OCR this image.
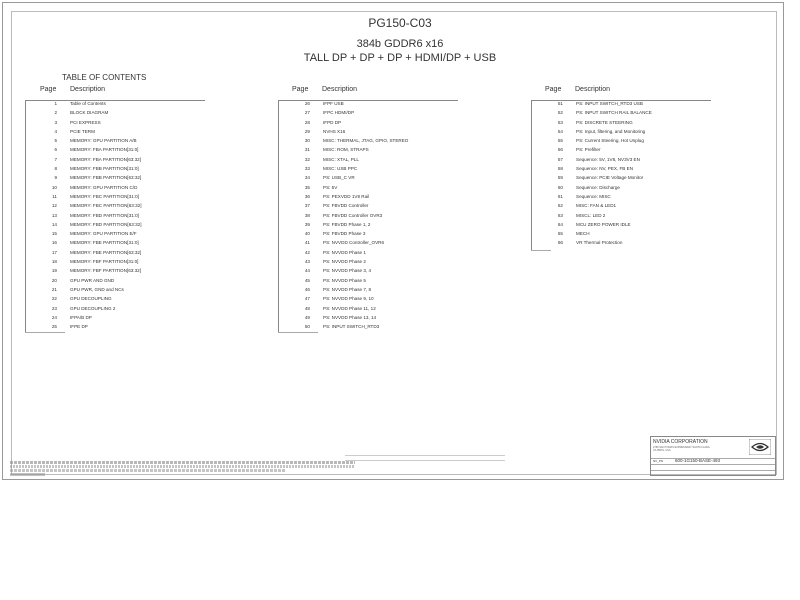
PG150-C03
384b GDDR6 x16
TALL DP + DP + DP + HDMI/DP + USB
TABLE OF CONTENTS
Page Description
1	Table of Contents
2	BLOCK DIAGRAM
3	PCI EXPRESS
4	PCIE TERM
5	MEMORY: GPU PARTITION A/B
6	MEMORY: FBA PARTITION[31:0]
7	MEMORY: FBA PARTITION[63:32]
8	MEMORY: FBB PARTITION[31:0]
9	MEMORY: FBB PARTITION[63:32]
10	MEMORY: GPU PARTITION C/D
11	MEMORY: FBC PARTITION[31:0]
12	MEMORY: FBC PARTITION[63:32]
13	MEMORY: FBD PARTITION[31:0]
14	MEMORY: FBD PARTITION[63:32]
15	MEMORY: GPU PARTITION E/F
16	MEMORY: FBE PARTITION[31:0]
17	MEMORY: FBE PARTITION[63:32]
18	MEMORY: FBF PARTITION[31:0]
19	MEMORY: FBF PARTITION[63:32]
20	GPU PWR AND GND
21	GPU PWR, GND and NCs
22	GPU DECOUPLING
23	GPU DECOUPLING 2
24	IFPA/B DP
25	IFPE DP
Page Description
26	IFPF USB
27	IFPC HDMI/DP
28	IFPD DP
29	NVHS X16
30	MISC: THERMAL, JTAG, GPIO, STEREO
31	MISC: ROM, STRAPS
32	MISC: XTAL, PLL
33	MISC: USB PPC
34	PS: USB_C VR
35	PS: 5V
36	PS: PEXVDD 1V8 Rail
37	PS: FBVDD Controller
38	PS: FBVDD Controller OVR3
39	PS: FBVDD Phase 1, 2
40	PS: FBVDD Phase 3
41	PS: NVVDD Controller_OVR6
42	PS: NVVDD Phase 1
43	PS: NVVDD Phase 2
44	PS: NVVDD Phase 3, 4
45	PS: NVVDD Phase 5
46	PS: NVVDD Phase 7, 8
47	PS: NVVDD Phase 9, 10
48	PS: NVVDD Phase 11, 12
49	PS: NVVDD Phase 13, 14
50	PS: INPUT SWITCH_RTD3
Page Description
51	PS: INPUT SWITCH_RTD3 USB
52	PS: INPUT SWITCH RAIL BALANCE
53	PS: DISCRETE STEERING
54	PS: Input, filtering, and Monitoring
55	PS: Current Steering, Hot Unplug
56	PS: Prefilter
57	Sequence: 5V, 1V8, NV3V3 EN
58	Sequence: NV, PEX, FB EN
59	Sequence: PCIE Voltage Monitor
60	Sequence: Discharge
61	Sequence: MISC
62	MISC: FAN & LED1
63	MISCL: LED 2
64	MCU ZERO POWER IDLE
65	MECH
66	VR Thermal Protection
NVIDIA CORPORATION
2788 SAN TOMAS EXPRESSWAY SANTA CLARA, CA 95051, USA
NV_PN	600-1G150-BASE-493
